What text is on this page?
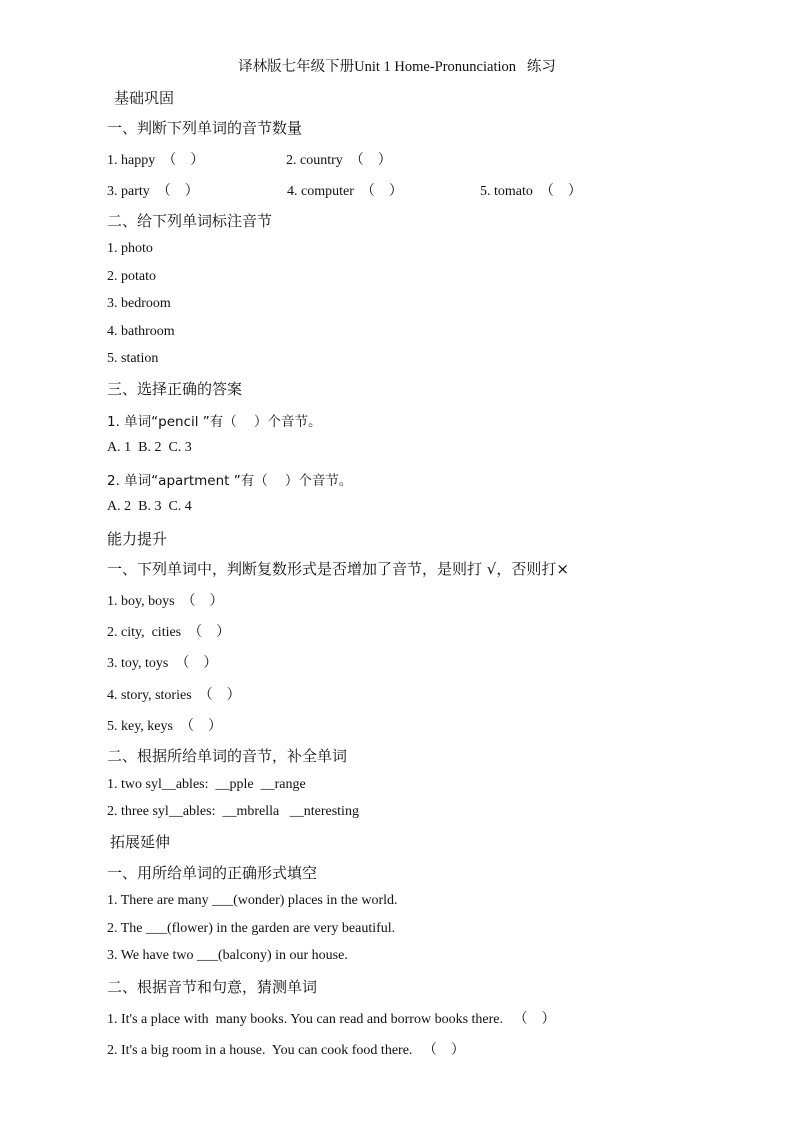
译林版七年级下册Unit 1 Home-Pronunciation   练习
基础巩固
一、判断下列单词的音节数量
1. happy  （    ）	2. country  （    ）
3. party  （    ）	4. computer  （    ）	5. tomato  （    ）
二、给下列单词标注音节
1. photo
2. potato
3. bedroom
4. bathroom
5. station
三、选择正确的答案
1. 单词“pencil ”有（    ）个音节。
A. 1  B. 2  C. 3
2. 单词“apartment ”有（    ）个音节。
A. 2  B. 3  C. 4
能力提升
一、下列单词中，判断复数形式是否增加了音节，是则打 √，否则打×
1. boy, boys  （    ）
2. city,  cities  （    ）
3. toy, toys  （    ）
4. story, stories  （    ）
5. key, keys  （    ）
二、根据所给单词的音节，补全单词
1. two syl__ables:  __pple  __range
2. three syl__ables:  __mbrella   __nteresting
拓展延伸
一、用所给单词的正确形式填空
1. There are many ___(wonder) places in the world.
2. The ___(flower) in the garden are very beautiful.
3. We have two ___(balcony) in our house.
二、根据音节和句意，猜测单词
1. It's a place with  many books. You can read and borrow books there.   （    ）
2. It's a big room in a house.  You can cook food there.   （    ）
